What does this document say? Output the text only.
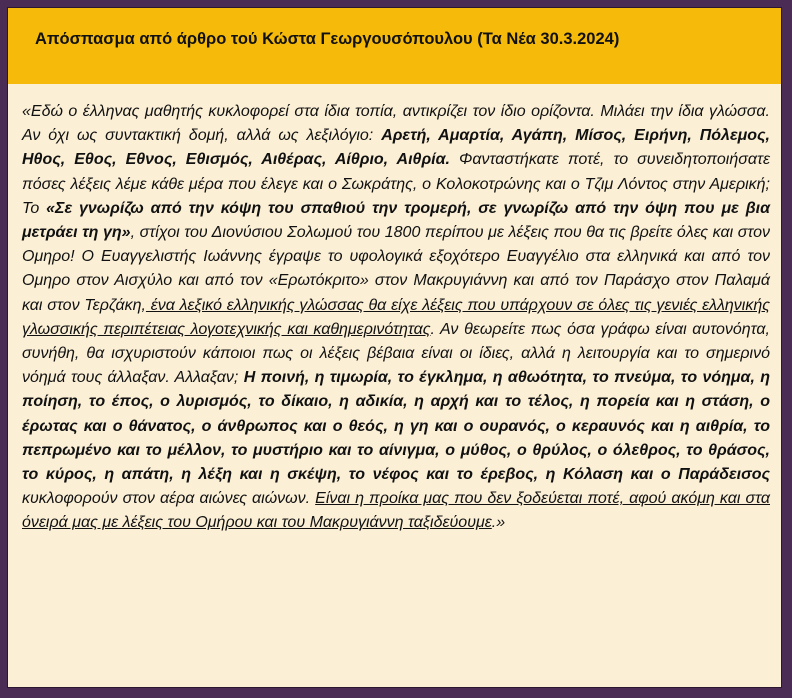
Απόσπασμα από άρθρο τού Κώστα Γεωργουσόπουλου (Τα Νέα 30.3.2024)
«Εδώ ο έλληνας μαθητής κυκλοφορεί στα ίδια τοπία, αντικρίζει τον ίδιο ορίζοντα. Μιλάει την ίδια γλώσσα. Αν όχι ως συντακτική δομή, αλλά ως λεξιλόγιο: Αρετή, Αμαρτία, Αγάπη, Μίσος, Ειρήνη, Πόλεμος, Ηθος, Εθος, Εθνος, Εθισμός, Αιθέρας, Αίθριο, Αιθρία. Φανταστήκατε ποτέ, το συνειδητοποιήσατε πόσες λέξεις λέμε κάθε μέρα που έλεγε και ο Σωκράτης, ο Κολοκοτρώνης και ο Τζιμ Λόντος στην Αμερική; Το «Σε γνωρίζω από την κόψη του σπαθιού την τρομερή, σε γνωρίζω από την όψη που με βια μετράει τη γη», στίχοι του Διονύσιου Σολωμού του 1800 περίπου με λέξεις που θα τις βρείτε όλες και στον Ομηρο! Ο Ευαγγελιστής Ιωάννης έγραψε το υφολογικά εξοχότερο Ευαγγέλιο στα ελληνικά και από τον Ομηρο στον Αισχύλο και από τον «Ερωτόκριτο» στον Μακρυγιάννη και από τον Παράσχο στον Παλαμά και στον Τερζάκη, ένα λεξικό ελληνικής γλώσσας θα είχε λέξεις που υπάρχουν σε όλες τις γενιές ελληνικής γλωσσικής περιπέτειας λογοτεχνικής και καθημερινότητας. Αν θεωρείτε πως όσα γράφω είναι αυτονόητα, συνήθη, θα ισχυριστούν κάποιοι πως οι λέξεις βέβαια είναι οι ίδιες, αλλά η λειτουργία και το σημερινό νόημά τους άλλαξαν. Αλλαξαν; Η ποινή, η τιμωρία, το έγκλημα, η αθωότητα, το πνεύμα, το νόημα, η ποίηση, το έπος, ο λυρισμός, το δίκαιο, η αδικία, η αρχή και το τέλος, η πορεία και η στάση, ο έρωτας και ο θάνατος, ο άνθρωπος και ο θεός, η γη και ο ουρανός, ο κεραυνός και η αιθρία, το πεπρωμένο και το μέλλον, το μυστήριο και το αίνιγμα, ο μύθος, ο θρύλος, ο όλεθρος, το θράσος, το κύρος, η απάτη, η λέξη και η σκέψη, το νέφος και το έρεβος, η Κόλαση και ο Παράδεισος κυκλοφορούν στον αέρα αιώνες αιώνων. Είναι η προίκα μας που δεν ξοδεύεται ποτέ, αφού ακόμη και στα όνειρά μας με λέξεις του Ομήρου και του Μακρυγιάννη ταξιδεύουμε.»
